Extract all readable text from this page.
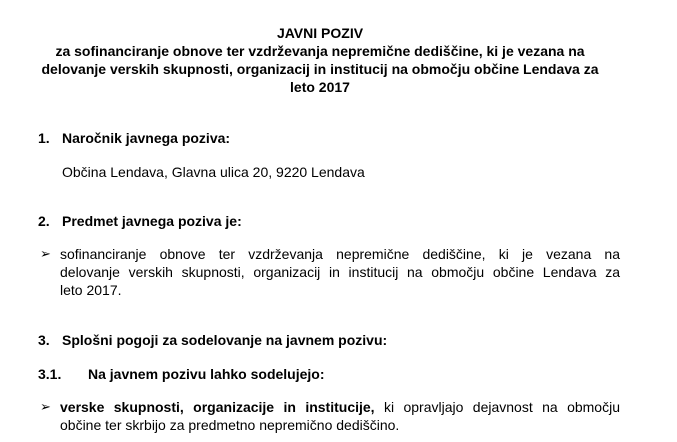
JAVNI POZIV
za sofinanciranje obnove ter vzdrževanja nepremične dediščine, ki je vezana na
delovanje verskih skupnosti, organizacij in institucij na območju občine Lendava za
leto 2017
1. Naročnik javnega poziva:
Občina Lendava, Glavna ulica 20, 9220 Lendava
2. Predmet javnega poziva je:
➢ sofinanciranje obnove ter vzdrževanja nepremične dediščine, ki je vezana na
delovanje verskih skupnosti, organizacij in institucij na območju občine Lendava za
leto 2017.
3. Splošni pogoji za sodelovanje na javnem pozivu:
3.1. Na javnem pozivu lahko sodelujejo:
➢ verske skupnosti, organizacije in institucije, ki opravljajo dejavnost na območju
občine ter skrbijo za predmetno nepremično dediščino.
